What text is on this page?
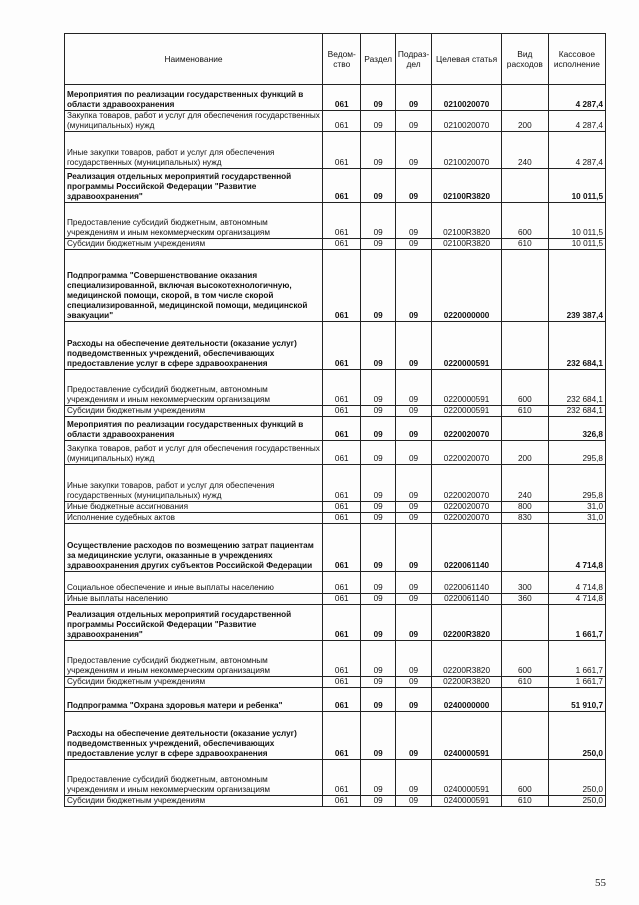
Наименование	Ведом-ство	Раздел	Подраз-дел	Целевая статья	Вид расходов	Кассовое исполнение
Мероприятия по реализации государственных функций в области здравоохранения	061	09	09	0210020070		4 287,4
Закупка товаров, работ и услуг для обеспечения государственных (муниципальных) нужд	061	09	09	0210020070	200	4 287,4
Иные закупки товаров, работ и услуг для обеспечения государственных (муниципальных) нужд	061	09	09	0210020070	240	4 287,4
Реализация отдельных мероприятий государственной программы Российской Федерации "Развитие здравоохранения"	061	09	09	02100R3820		10 011,5
Предоставление субсидий бюджетным, автономным учреждениям и иным некоммерческим организациям	061	09	09	02100R3820	600	10 011,5
Субсидии бюджетным учреждениям	061	09	09	02100R3820	610	10 011,5
Подпрограмма "Совершенствование оказания специализированной, включая высокотехнологичную, медицинской помощи, скорой, в том числе скорой специализированной, медицинской помощи, медицинской эвакуации"	061	09	09	0220000000		239 387,4
Расходы на обеспечение деятельности (оказание услуг) подведомственных учреждений, обеспечивающих предоставление услуг в сфере здравоохранения	061	09	09	0220000591		232 684,1
Предоставление субсидий бюджетным, автономным учреждениям и иным некоммерческим организациям	061	09	09	0220000591	600	232 684,1
Субсидии бюджетным учреждениям	061	09	09	0220000591	610	232 684,1
Мероприятия по реализации государственных функций в области здравоохранения	061	09	09	0220020070		326,8
Закупка товаров, работ и услуг для обеспечения государственных (муниципальных) нужд	061	09	09	0220020070	200	295,8
Иные закупки товаров, работ и услуг для обеспечения государственных (муниципальных) нужд	061	09	09	0220020070	240	295,8
Иные бюджетные ассигнования	061	09	09	0220020070	800	31,0
Исполнение судебных актов	061	09	09	0220020070	830	31,0
Осуществление расходов по возмещению затрат пациентам за медицинские услуги, оказанные в учреждениях здравоохранения других субъектов Российской Федерации	061	09	09	0220061140		4 714,8
Социальное обеспечение и иные выплаты населению	061	09	09	0220061140	300	4 714,8
Иные выплаты населению	061	09	09	0220061140	360	4 714,8
Реализация отдельных мероприятий государственной программы Российской Федерации "Развитие здравоохранения"	061	09	09	02200R3820		1 661,7
Предоставление субсидий бюджетным, автономным учреждениям и иным некоммерческим организациям	061	09	09	02200R3820	600	1 661,7
Субсидии бюджетным учреждениям	061	09	09	02200R3820	610	1 661,7
Подпрограмма "Охрана здоровья матери и ребенка"	061	09	09	0240000000		51 910,7
Расходы на обеспечение деятельности (оказание услуг) подведомственных учреждений, обеспечивающих предоставление услуг в сфере здравоохранения	061	09	09	0240000591		250,0
Предоставление субсидий бюджетным, автономным учреждениям и иным некоммерческим организациям	061	09	09	0240000591	600	250,0
Субсидии бюджетным учреждениям	061	09	09	0240000591	610	250,0
55
